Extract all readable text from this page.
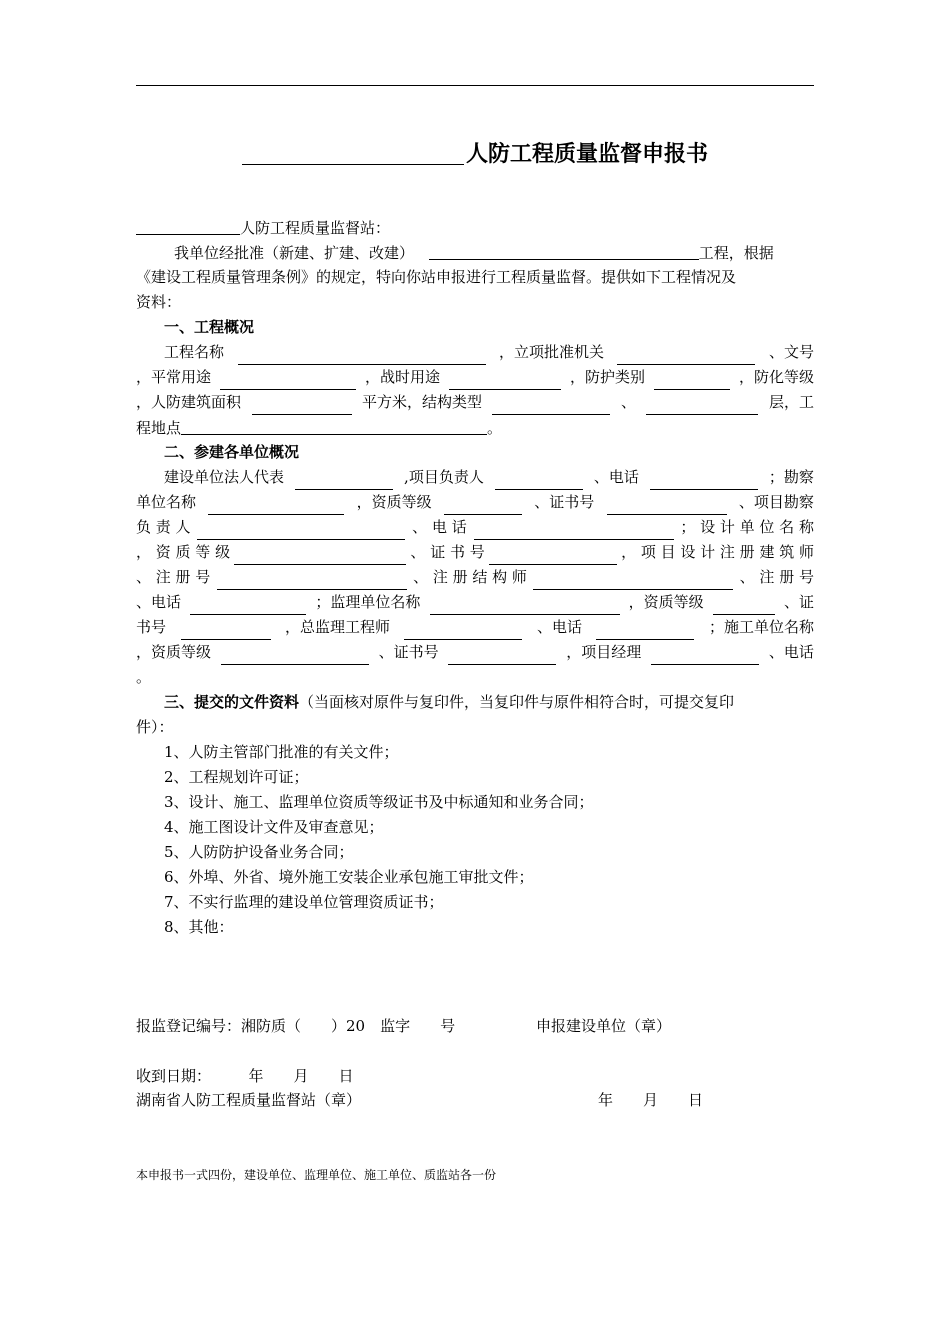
人防工程质量监督申报书
人防工程质量监督站：
我单位经批准（新建、扩建、改建）	工程，根据
《建设工程质量管理条例》的规定，特向你站申报进行工程质量监督。提供如下工程情况及
资料：
一、工程概况
工程名称	，立项批准机关	、文号
，平常用途	，战时用途	，防护类别	，防化等级
，人防建筑面积	平方米，结构类型	、	层，工
程地点	。
二、参建各单位概况
建设单位法人代表	,项目负责人	、电话	；勘察
单位名称	，资质等级	、证书号	、项目勘察
负 责 人	、 电 话	； 设 计 单 位 名 称
， 资 质 等 级	、 证 书 号	， 项 目 设 计 注 册 建 筑 师
、 注 册 号	、 注 册 结 构 师	、 注 册 号
、电话	；监理单位名称	，资质等级	、证
书号	，总监理工程师	、电话	；施工单位名称
，资质等级	、证书号	，项目经理	、电话
。
三、提交的文件资料（当面核对原件与复印件，当复印件与原件相符合时，可提交复印
件）：
1、人防主管部门批准的有关文件；
2、工程规划许可证；
3、设计、施工、监理单位资质等级证书及中标通知和业务合同；
4、施工图设计文件及审查意见；
5、人防防护设备业务合同；
6、外埠、外省、境外施工安装企业承包施工审批文件；
7、不实行监理的建设单位管理资质证书；
8、其他：
报监登记编号：湘防质（　　）20　监字　　号	申报建设单位（章）
收到日期：　　　年　　月　　日
湖南省人防工程质量监督站（章）	年　　月　　日
本申报书一式四份，建设单位、监理单位、施工单位、质监站各一份
